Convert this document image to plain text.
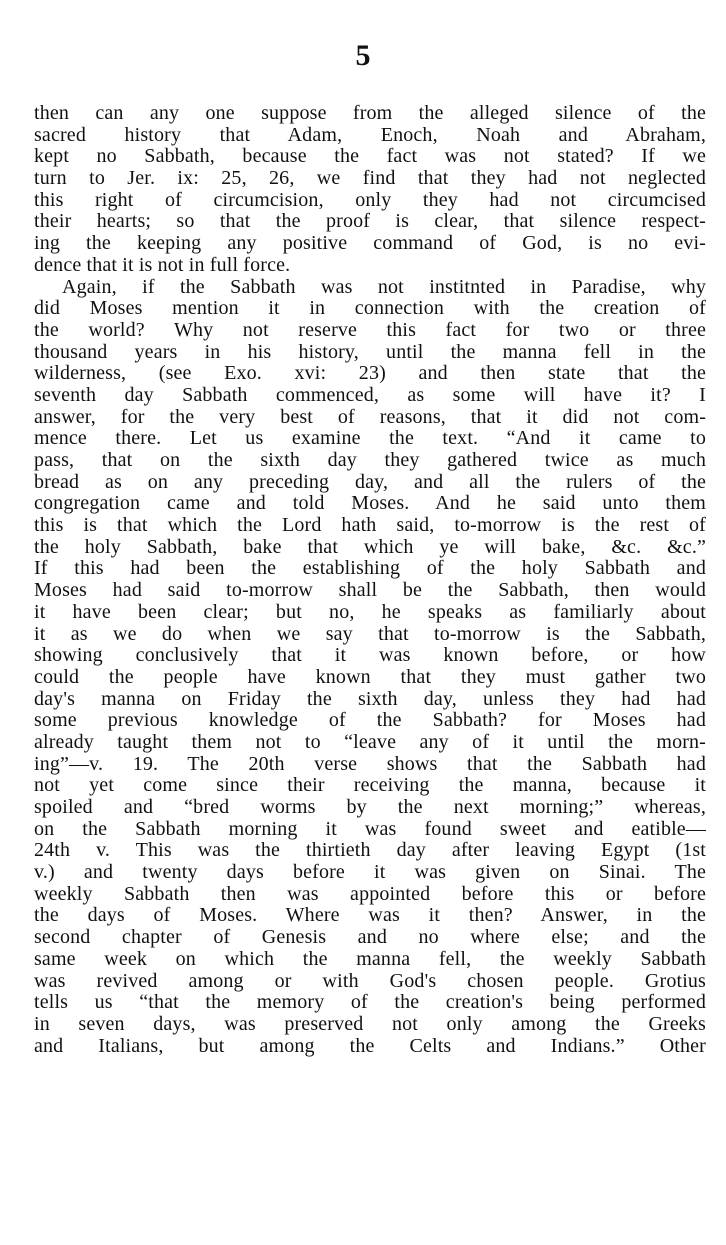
5
then can any one suppose from the alleged silence of the
sacred history that Adam, Enoch, Noah and Abraham,
kept no Sabbath, because the fact was not stated? If we
turn to Jer. ix: 25, 26, we find that they had not neglected
this right of circumcision, only they had not circumcised
their hearts; so that the proof is clear, that silence respect-
ing the keeping any positive command of God, is no evi-
dence that it is not in full force.
Again, if the Sabbath was not institnted in Paradise, why
did Moses mention it in connection with the creation of
the world? Why not reserve this fact for two or three
thousand years in his history, until the manna fell in the
wilderness, (see Exo. xvi: 23) and then state that the
seventh day Sabbath commenced, as some will have it? I
answer, for the very best of reasons, that it did not com-
mence there. Let us examine the text. “And it came to
pass, that on the sixth day they gathered twice as much
bread as on any preceding day, and all the rulers of the
congregation came and told Moses. And he said unto them
this is that which the Lord hath said, to-morrow is the rest of
the holy Sabbath, bake that which ye will bake, &c. &c.”
If this had been the establishing of the holy Sabbath and
Moses had said to-morrow shall be the Sabbath, then would
it have been clear; but no, he speaks as familiarly about
it as we do when we say that to-morrow is the Sabbath,
showing conclusively that it was known before, or how
could the people have known that they must gather two
day's manna on Friday the sixth day, unless they had had
some previous knowledge of the Sabbath? for Moses had
already taught them not to “leave any of it until the morn-
ing”—v. 19. The 20th verse shows that the Sabbath had
not yet come since their receiving the manna, because it
spoiled and “bred worms by the next morning;” whereas,
on the Sabbath morning it was found sweet and eatible—
24th v. This was the thirtieth day after leaving Egypt (1st
v.) and twenty days before it was given on Sinai. The
weekly Sabbath then was appointed before this or before
the days of Moses. Where was it then? Answer, in the
second chapter of Genesis and no where else; and the
same week on which the manna fell, the weekly Sabbath
was revived among or with God's chosen people. Grotius
tells us “that the memory of the creation's being performed
in seven days, was preserved not only among the Greeks
and Italians, but among the Celts and Indians.” Other
